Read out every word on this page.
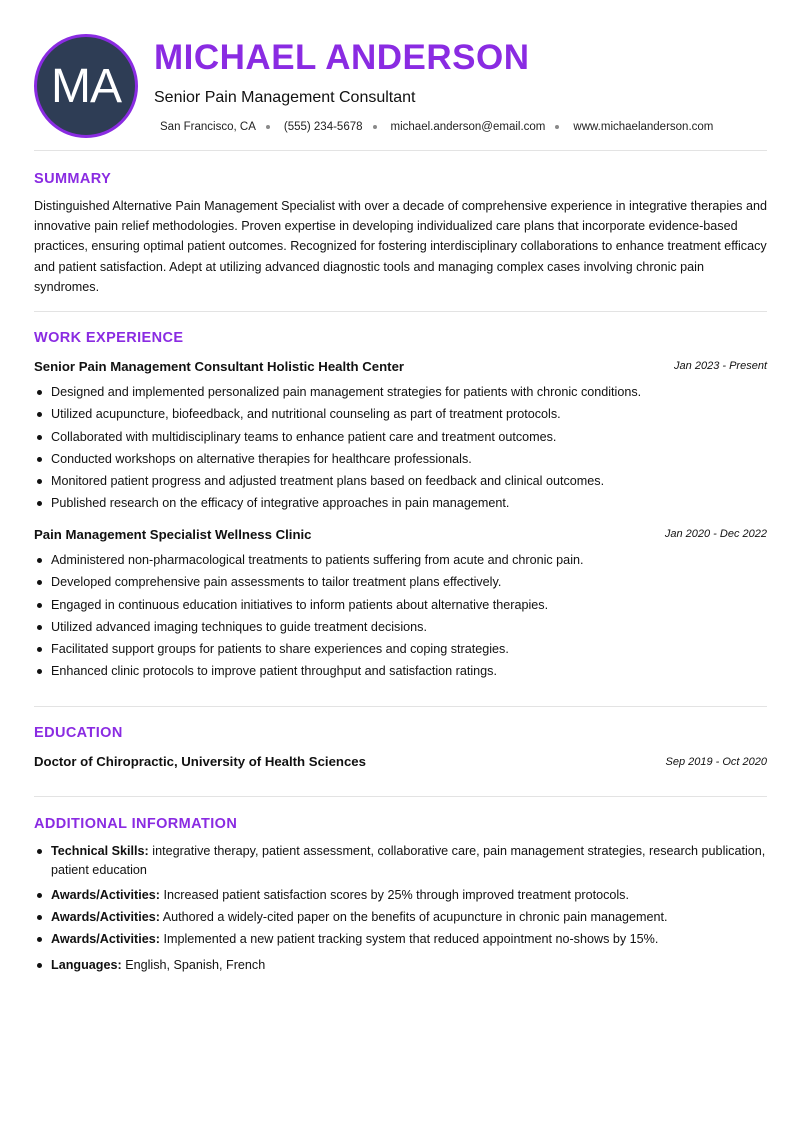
MA
MICHAEL ANDERSON
Senior Pain Management Consultant
San Francisco, CA (555) 234-5678 michael.anderson@email.com www.michaelanderson.com
SUMMARY

Distinguished Alternative Pain Management Specialist with over a decade of comprehensive experience in integrative therapies and innovative pain relief methodologies. Proven expertise in developing individualized care plans that incorporate evidence-based practices, ensuring optimal patient outcomes. Recognized for fostering interdisciplinary collaborations to enhance treatment efficacy and patient satisfaction. Adept at utilizing advanced diagnostic tools and managing complex cases involving chronic pain syndromes.

WORK EXPERIENCE
Senior Pain Management Consultant Holistic Health Center	Jan 2023 - Present
Designed and implemented personalized pain management strategies for patients with chronic conditions.
Utilized acupuncture, biofeedback, and nutritional counseling as part of treatment protocols.
Collaborated with multidisciplinary teams to enhance patient care and treatment outcomes.
Conducted workshops on alternative therapies for healthcare professionals.
Monitored patient progress and adjusted treatment plans based on feedback and clinical outcomes.
Published research on the efficacy of integrative approaches in pain management.
Pain Management Specialist Wellness Clinic	Jan 2020 - Dec 2022
Administered non-pharmacological treatments to patients suffering from acute and chronic pain.
Developed comprehensive pain assessments to tailor treatment plans effectively.
Engaged in continuous education initiatives to inform patients about alternative therapies.
Utilized advanced imaging techniques to guide treatment decisions.
Facilitated support groups for patients to share experiences and coping strategies.
Enhanced clinic protocols to improve patient throughput and satisfaction ratings.
EDUCATION
Doctor of Chiropractic, University of Health Sciences	Sep 2019 - Oct 2020
ADDITIONAL INFORMATION
Technical Skills: integrative therapy, patient assessment, collaborative care, pain management strategies, research publication, patient education
Awards/Activities: Increased patient satisfaction scores by 25% through improved treatment protocols.
Awards/Activities: Authored a widely-cited paper on the benefits of acupuncture in chronic pain management.
Awards/Activities: Implemented a new patient tracking system that reduced appointment no-shows by 15%.
Languages: English, Spanish, French
